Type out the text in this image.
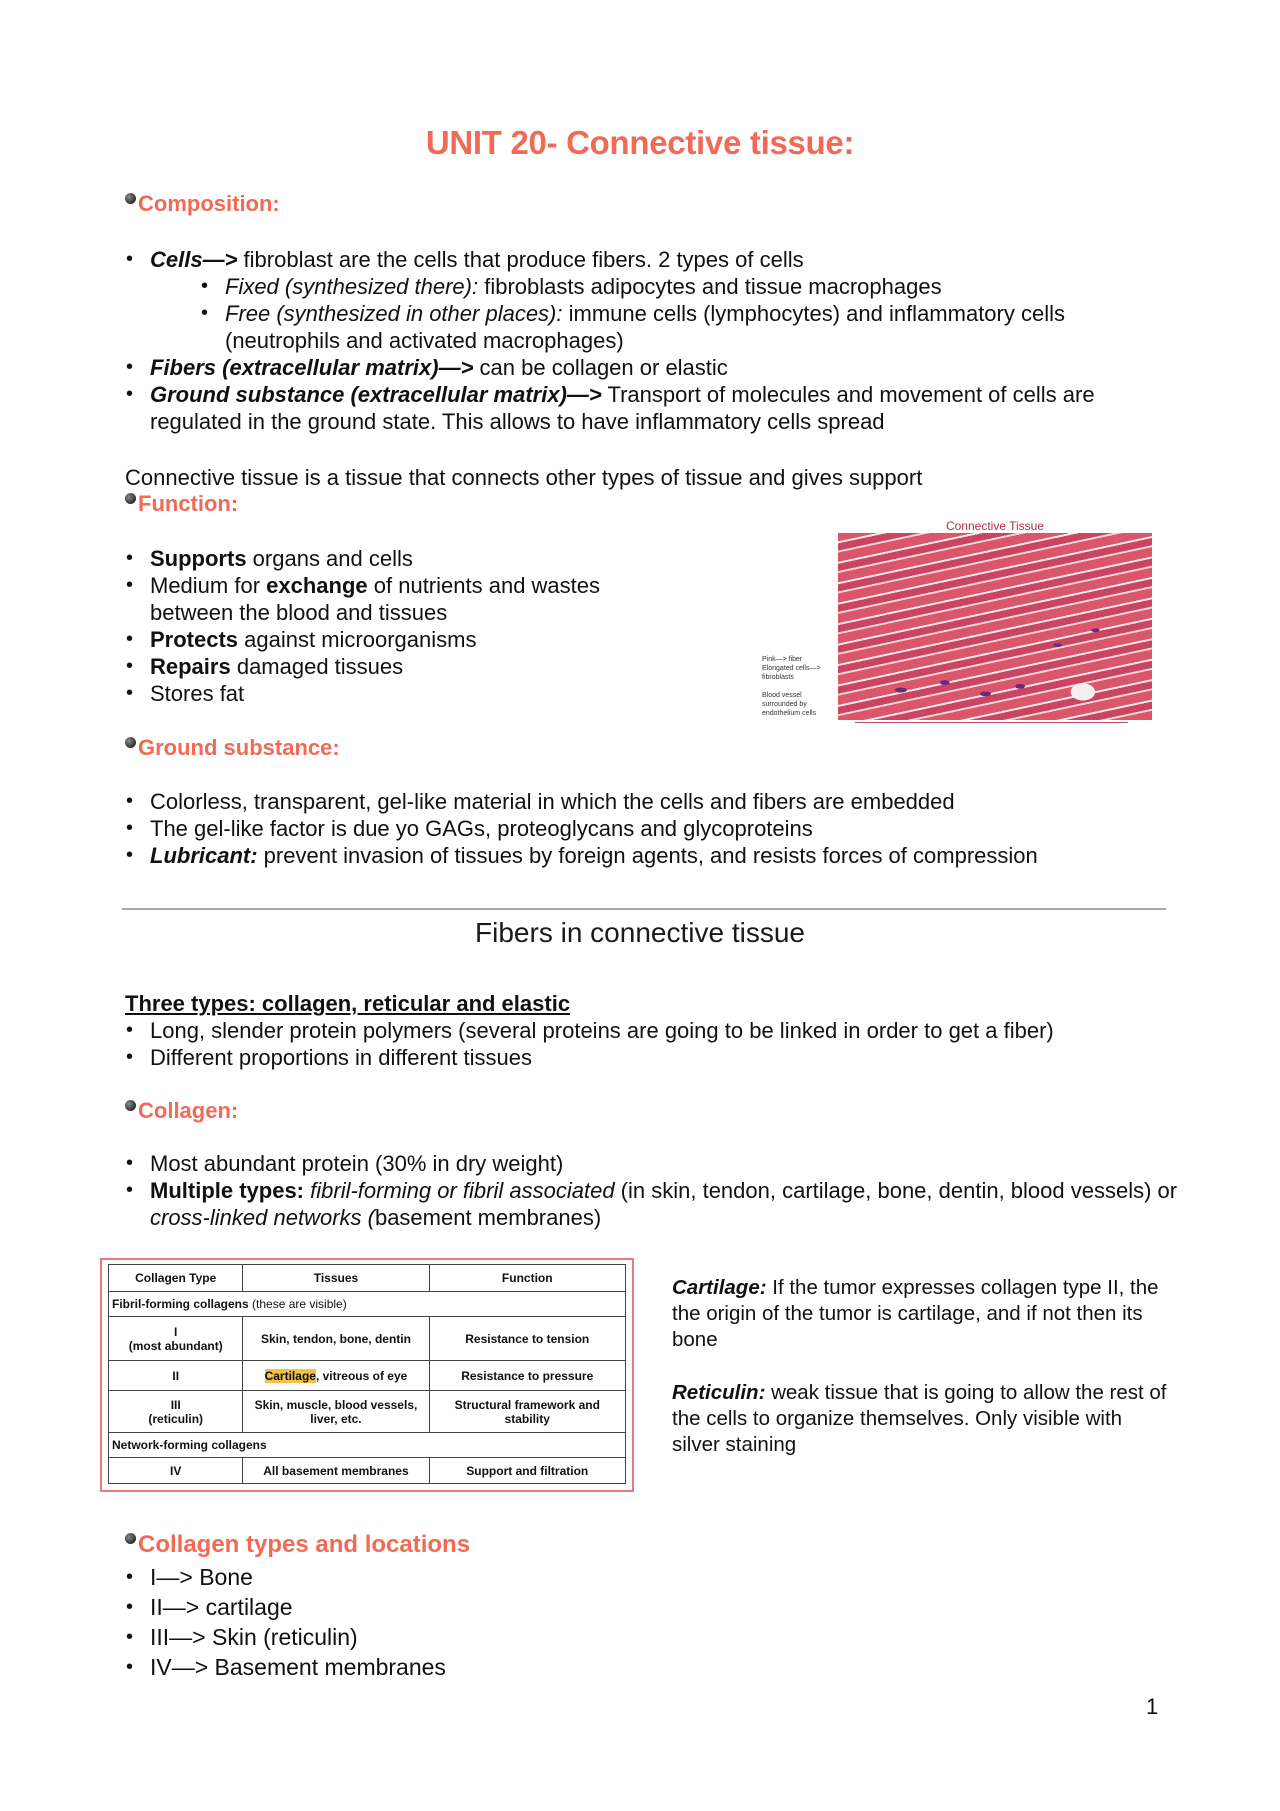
UNIT 20- Connective tissue:
Composition:
• Cells—> fibroblast are the cells that produce fibers. 2 types of cells
• Fixed (synthesized there): fibroblasts adipocytes and tissue macrophages
• Free (synthesized in other places): immune cells (lymphocytes) and inflammatory cells (neutrophils and activated macrophages)
• Fibers (extracellular matrix)—> can be collagen or elastic
• Ground substance (extracellular matrix)—> Transport of molecules and movement of cells are regulated in the ground state. This allows to have inflammatory cells spread
Connective tissue is a tissue that connects other types of tissue and gives support
Function:
• Supports organs and cells
• Medium for exchange of nutrients and wastes between the blood and tissues
• Protects against microorganisms
• Repairs damaged tissues
• Stores fat
Connective Tissue
Pink—> fiber
Elongated cells—>
fibroblasts
Blood vessel
surrounded by
endothelium cells
Ground substance:
• Colorless, transparent, gel-like material in which the cells and fibers are embedded
• The gel-like factor is due yo GAGs, proteoglycans and glycoproteins
• Lubricant: prevent invasion of tissues by foreign agents, and resists forces of compression
Fibers in connective tissue
Three types: collagen, reticular and elastic
• Long, slender protein polymers (several proteins are going to be linked in order to get a fiber)
• Different proportions in different tissues
Collagen:
• Most abundant protein (30% in dry weight)
• Multiple types: fibril-forming or fibril associated (in skin, tendon, cartilage, bone, dentin, blood vessels) or cross-linked networks (basement membranes)
Collagen Type	Tissues	Function
Fibril-forming collagens (these are visible)		

I
(most abundant)	Skin, tendon, bone, dentin	Resistance to tension
II	Cartilage, vitreous of eye	Resistance to pressure

III
(reticulin)	Skin, muscle, blood vessels, liver, etc.	Structural framework and stability
Network-forming collagens		
IV	All basement membranes	Support and filtration
Cartilage: If the tumor expresses collagen type II, the the origin of the tumor is cartilage, and if not then its bone
Reticulin: weak tissue that is going to allow the rest of the cells to organize themselves. Only visible with silver staining
Collagen types and locations
• I—> Bone
• II—> cartilage
• III—> Skin (reticulin)
• IV—> Basement membranes
1
